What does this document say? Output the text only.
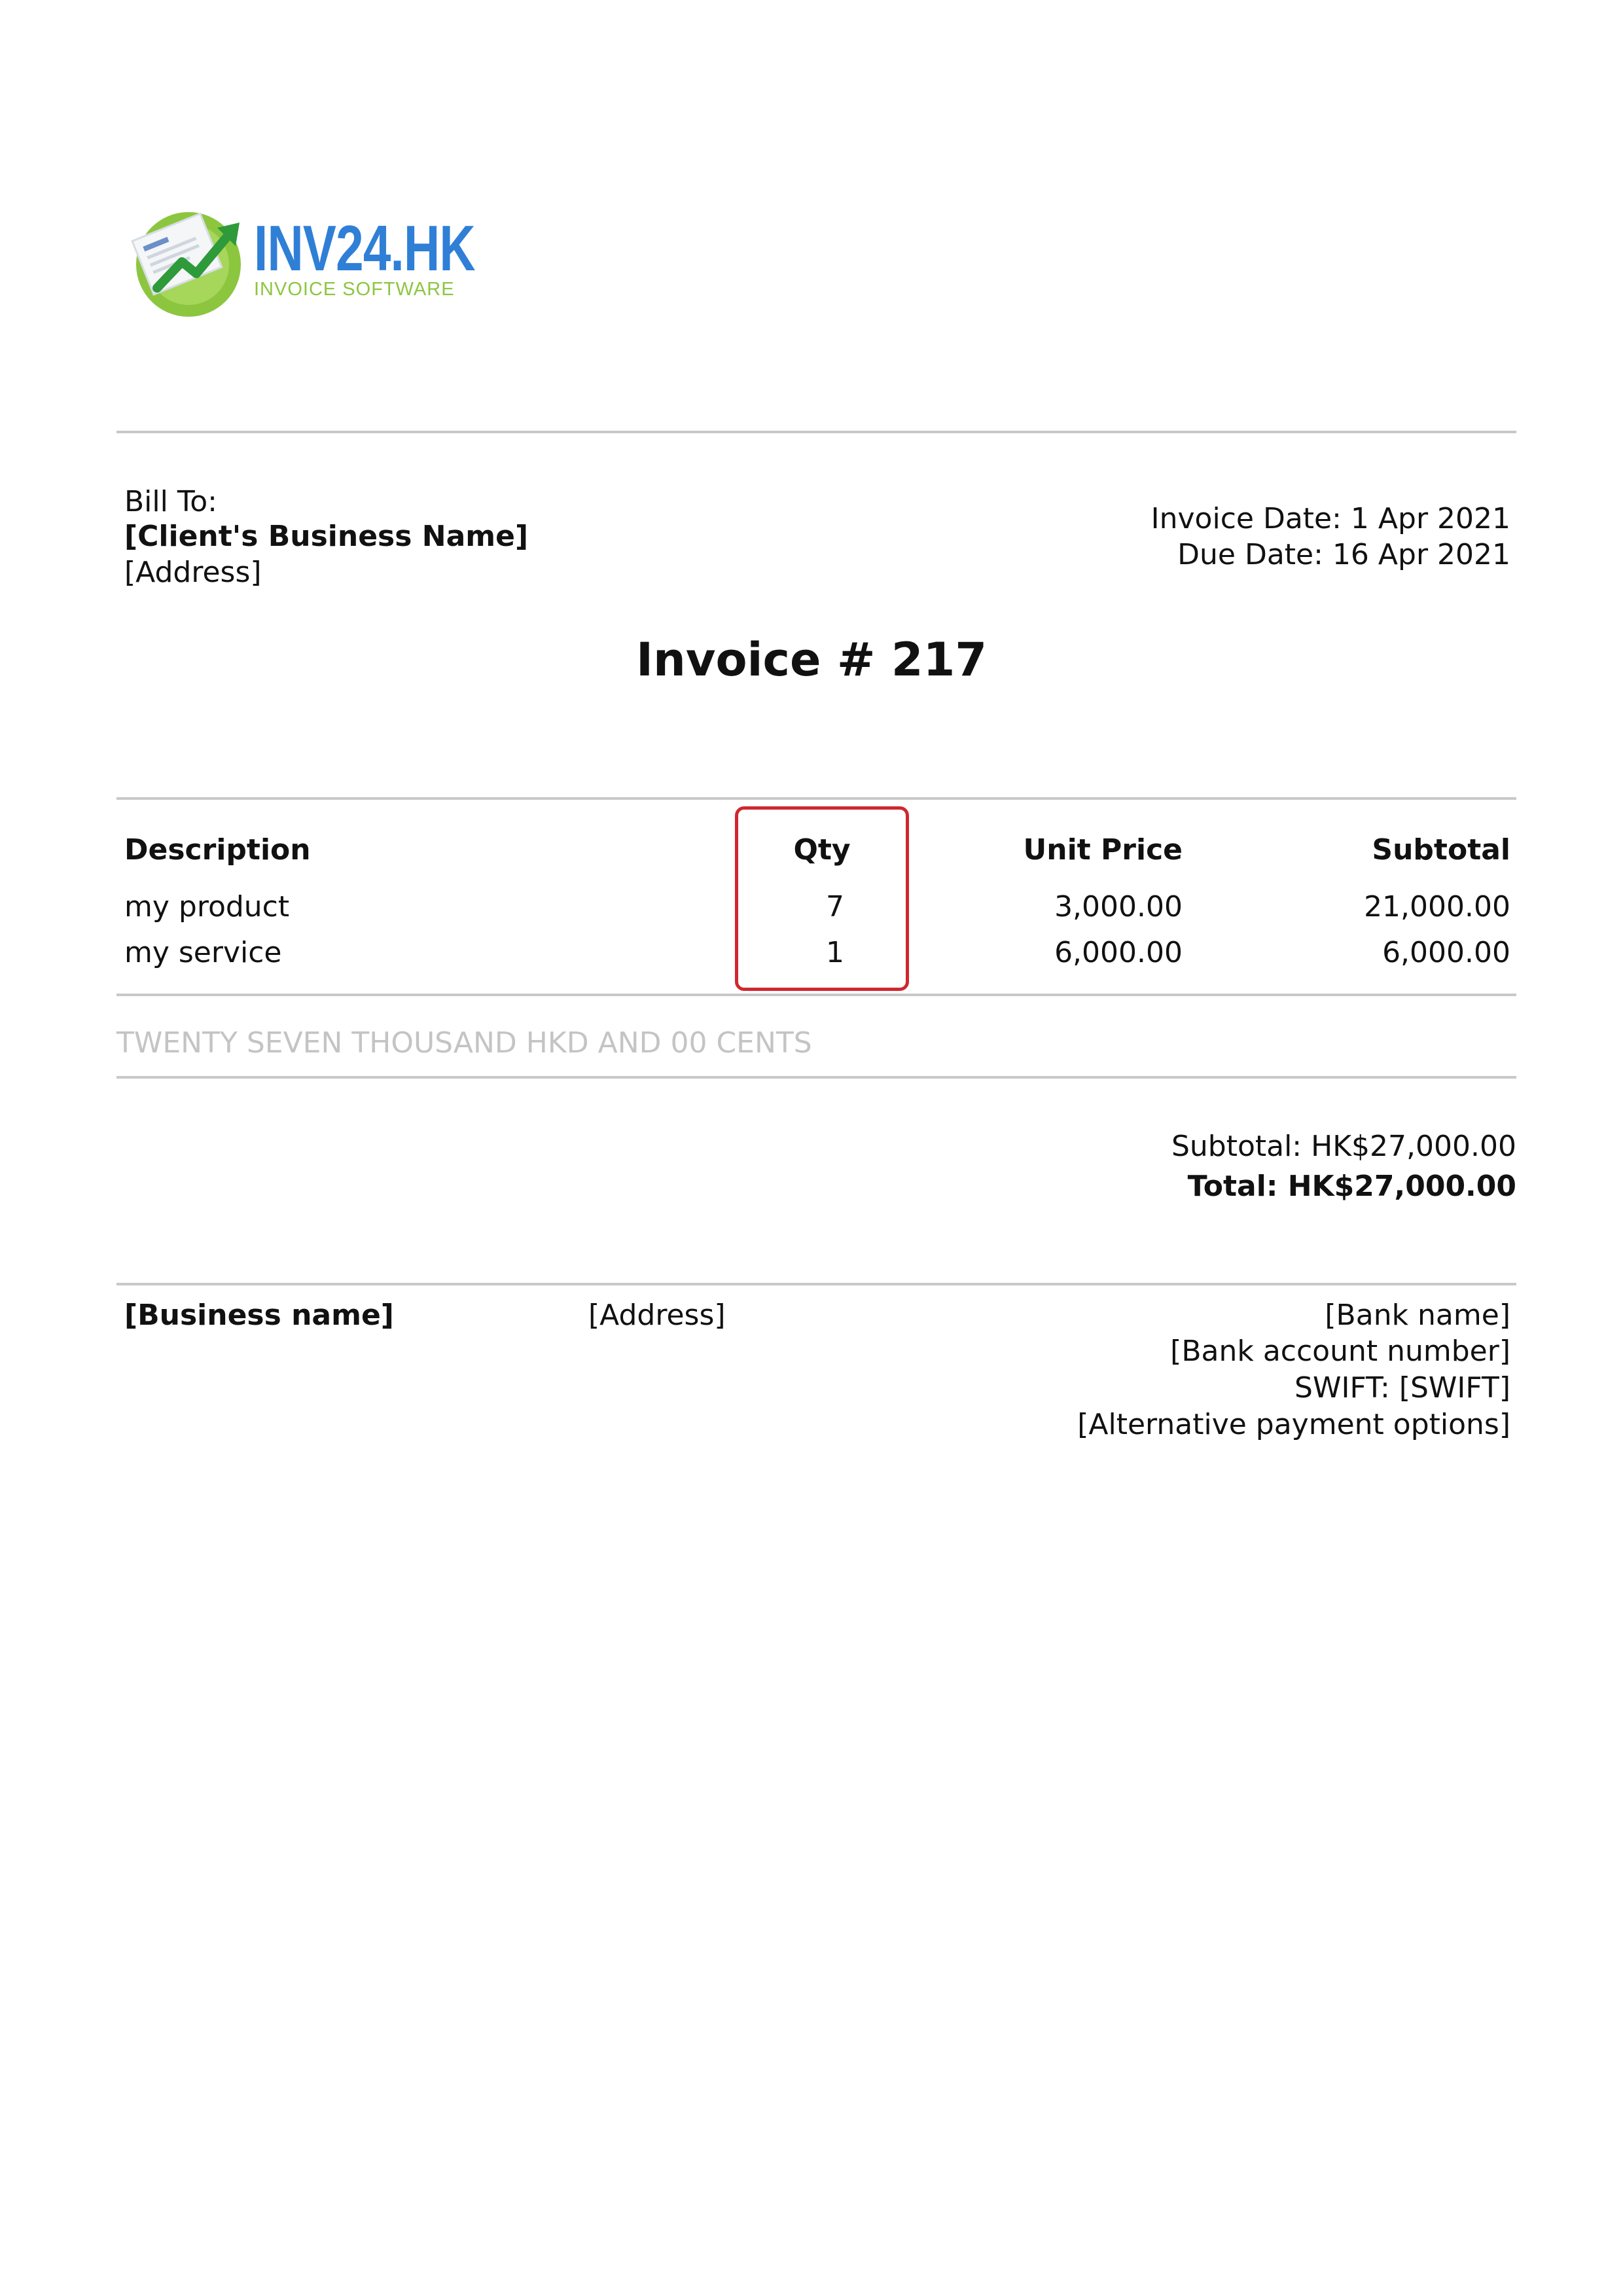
INV24.HK
INVOICE SOFTWARE
Bill To:
[Client's Business Name]
[Address]
Invoice Date: 1 Apr 2021
Due Date: 16 Apr 2021
Invoice # 217
Description	Qty	Unit Price	Subtotal
my product	7	3,000.00	21,000.00
my service	1	6,000.00	6,000.00
TWENTY SEVEN THOUSAND HKD AND 00 CENTS
Subtotal: HK$27,000.00
Total: HK$27,000.00
[Business name]	[Address]	[Bank name]
[Bank account number]
SWIFT: [SWIFT]
[Alternative payment options]
